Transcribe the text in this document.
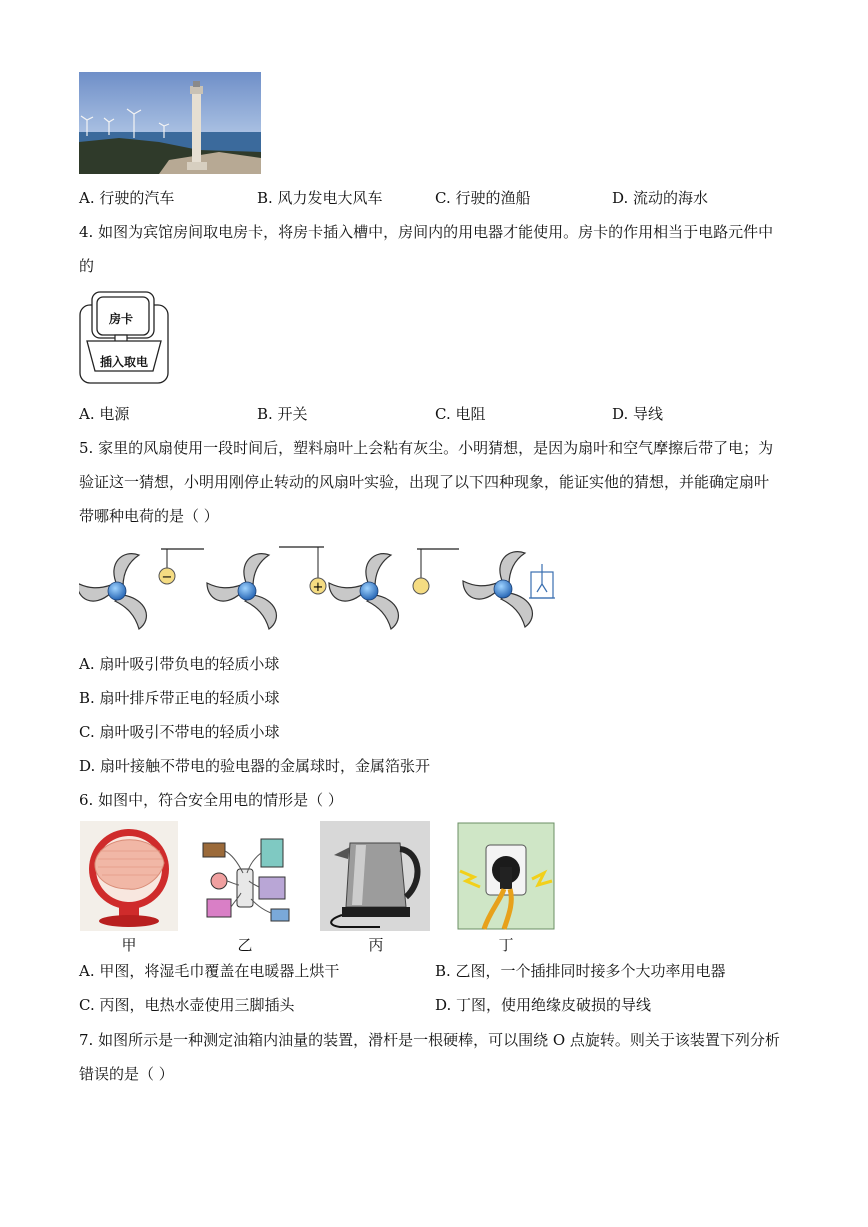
A. 行驶的汽车	B. 风力发电大风车	C. 行驶的渔船	D. 流动的海水
4. 如图为宾馆房间取电房卡，将房卡插入槽中，房间内的用电器才能使用。房卡的作用相当于电路元件中
的
房卡
插入取电
A. 电源	B. 开关	C. 电阻	D. 导线
5. 家里的风扇使用一段时间后，塑料扇叶上会粘有灰尘。小明猜想，是因为扇叶和空气摩擦后带了电；为
验证这一猜想，小明用刚停止转动的风扇叶实验，出现了以下四种现象，能证实他的猜想，并能确定扇叶
带哪种电荷的是（ ）
−
+
A. 扇叶吸引带负电的轻质小球
B. 扇叶排斥带正电的轻质小球
C. 扇叶吸引不带电的轻质小球
D. 扇叶接触不带电的验电器的金属球时，金属箔张开
6. 如图中，符合安全用电的情形是（ ）
甲	乙	丙	丁
A. 甲图，将湿毛巾覆盖在电暖器上烘干	B. 乙图，一个插排同时接多个大功率用电器
C. 丙图，电热水壶使用三脚插头	D. 丁图，使用绝缘皮破损的导线
7. 如图所示是一种测定油箱内油量的装置，滑杆是一根硬棒，可以围绕 O 点旋转。则关于该装置下列分析
错误的是（ ）
